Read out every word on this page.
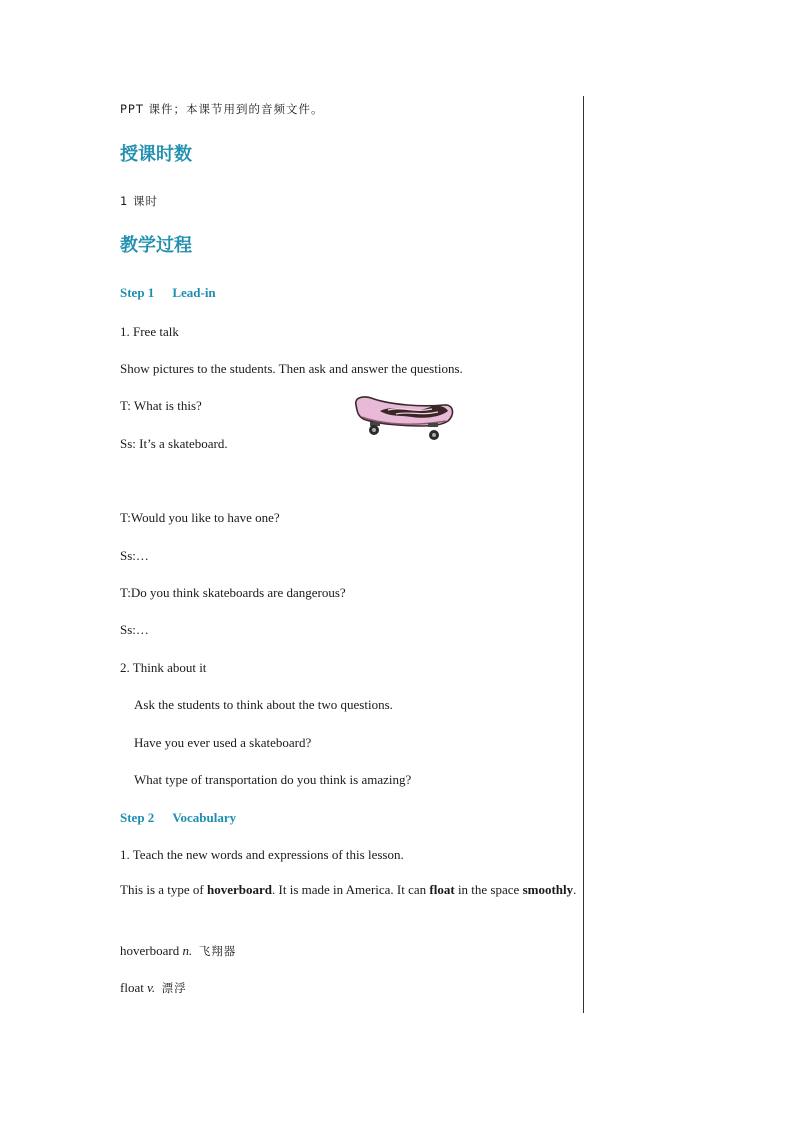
PPT 课件；本课节用到的音频文件。
授课时数
1 课时
教学过程
Step 1 Lead-in
1. Free talk
Show pictures to the students. Then ask and answer the questions.
T: What is this?
Ss: It’s a skateboard.
T:Would you like to have one?
Ss:…
T:Do you think skateboards are dangerous?
Ss:…
2. Think about it
Ask the students to think about the two questions.
Have you ever used a skateboard?
What type of transportation do you think is amazing?
Step 2 Vocabulary
1. Teach the new words and expressions of this lesson.
This is a type of hoverboard. It is made in America. It can float in the space smoothly.
hoverboard n. 飞翔器
float v. 漂浮
